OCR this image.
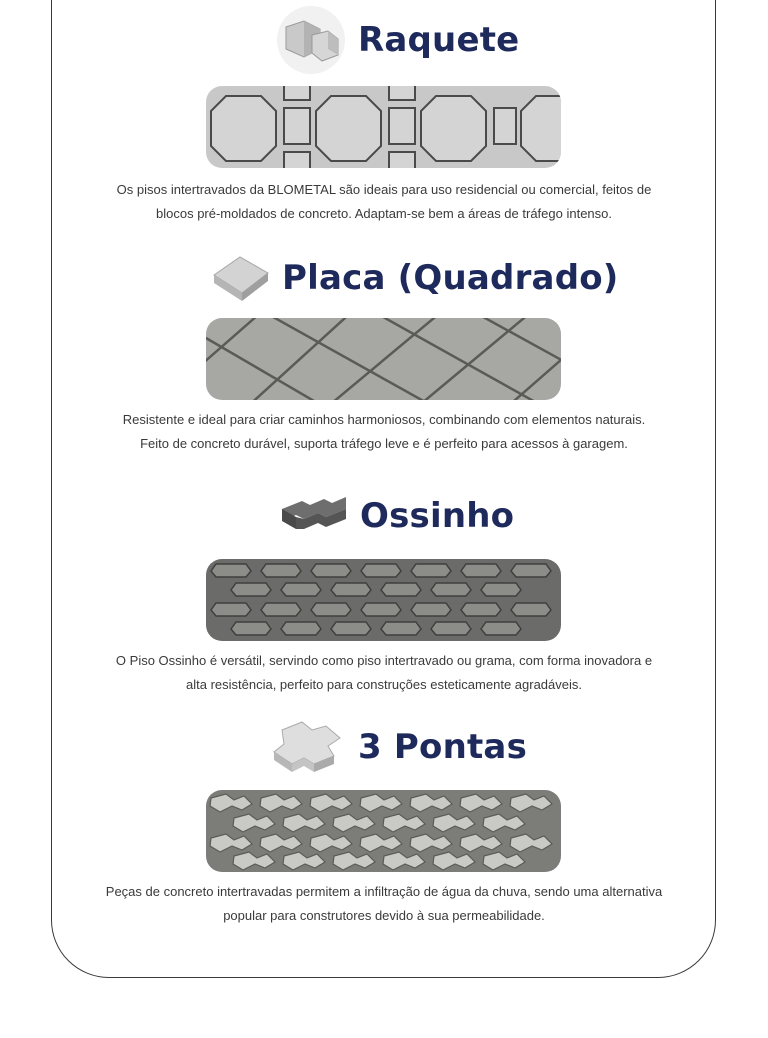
Raquete
Os pisos intertravados da BLOMETAL são ideais para uso residencial ou comercial, feitos de
blocos pré-moldados de concreto. Adaptam-se bem a áreas de tráfego intenso.
Placa (Quadrado)
Resistente e ideal para criar caminhos harmoniosos, combinando com elementos naturais.
Feito de concreto durável, suporta tráfego leve e é perfeito para acessos à garagem.
Ossinho
O Piso Ossinho é versátil, servindo como piso intertravado ou grama, com forma inovadora e
alta resistência, perfeito para construções esteticamente agradáveis.
3 Pontas
Peças de concreto intertravadas permitem a infiltração de água da chuva, sendo uma alternativa
popular para construtores devido à sua permeabilidade.
